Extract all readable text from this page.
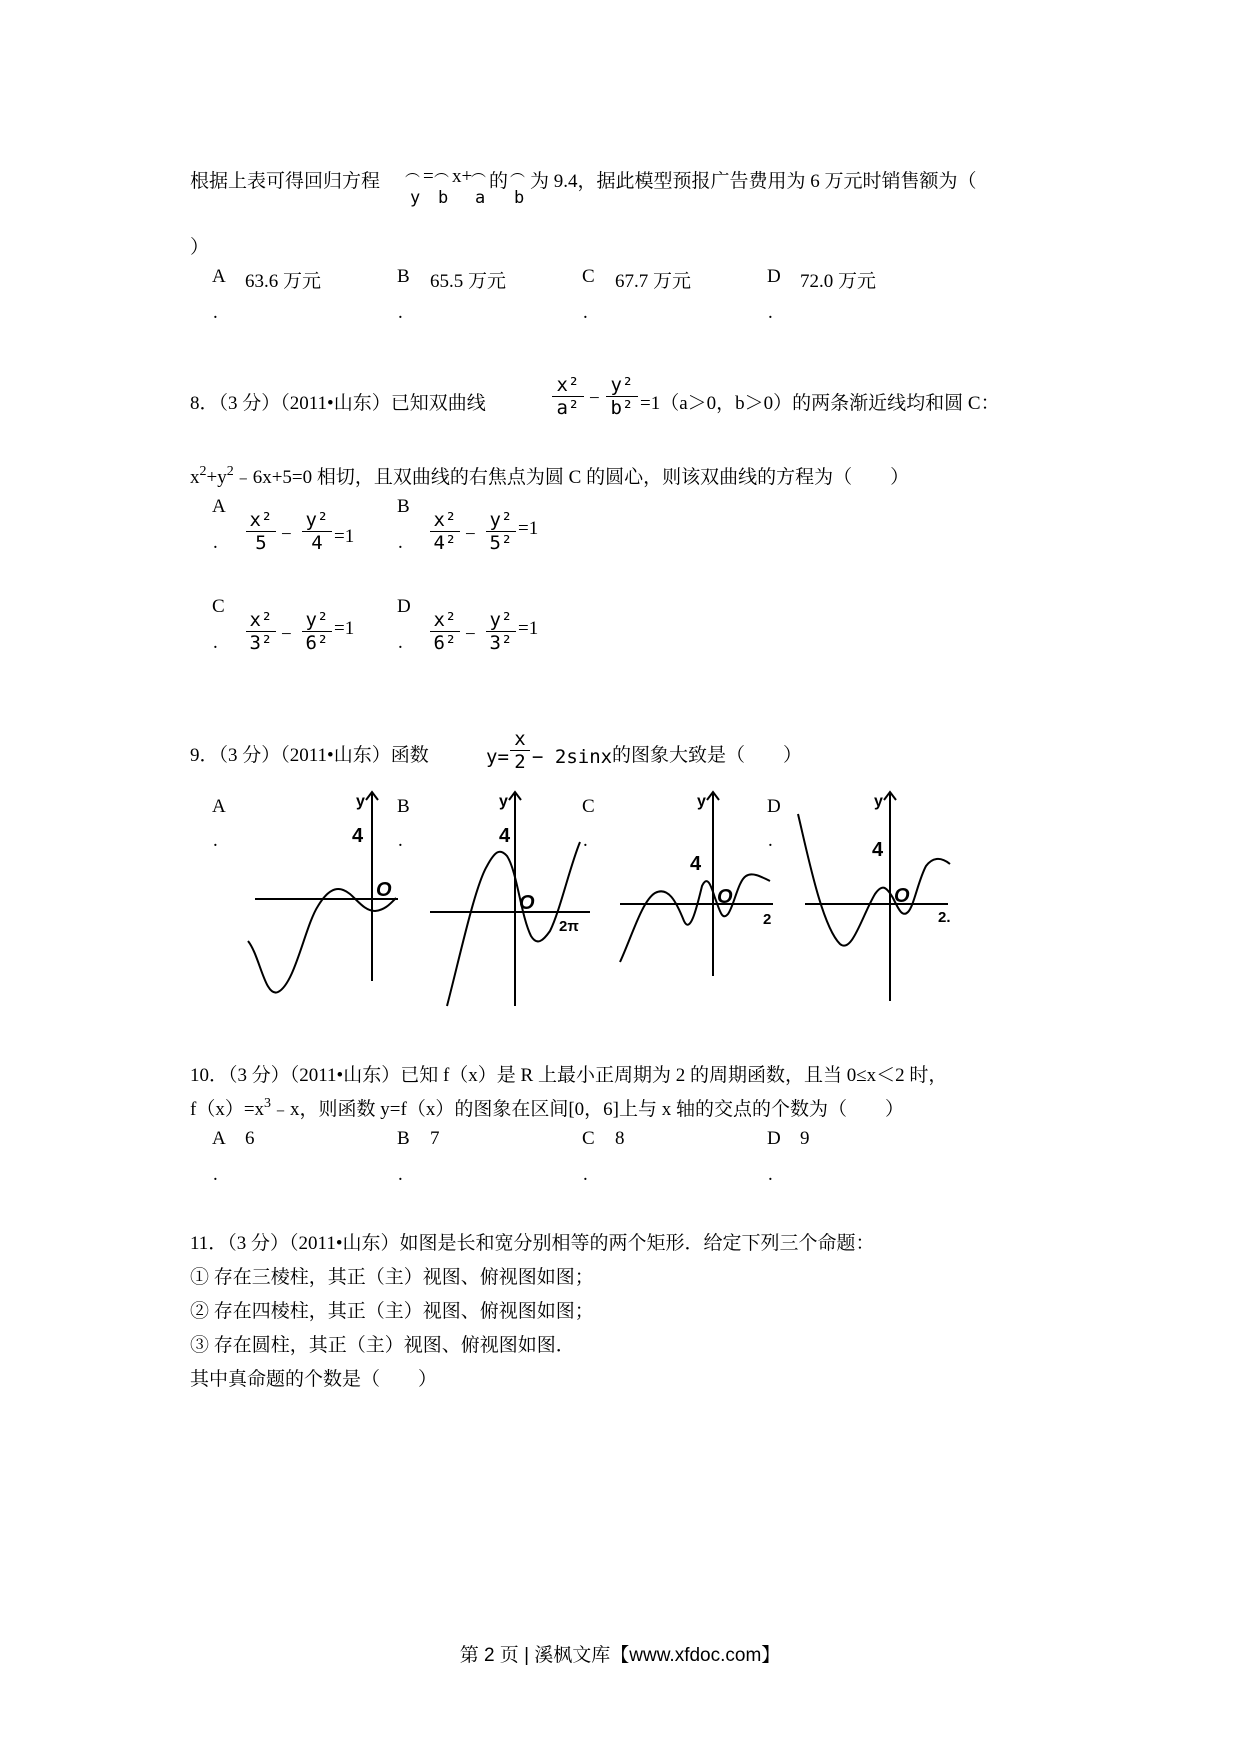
根据上表可得回归方程 ︵ = ︵ x+
︵ 的 ︵ 为 9.4，据此模型预报广告费用为 6 万元时销售额为（
y b a b
）
A 63.6 万元
.
B 65.5 万元
.
C 67.7 万元
.
D 72.0 万元
.
8．（3 分）（2011•山东）已知双曲线
x²
a² −
y²
b² =1（a＞0，b＞0）的两条渐近线均和圆 C：
$x^2+y^2﹣6x+5=0$ 相切，且双曲线的右焦点为圆 C 的圆心，则该双曲线的方程为（　　）
A
.
x²
5 −
y²
4 =1
B
.
x²
4² −
y²
5²
=1
C
.
x²
3² −
y²
6²
=1
D
.
x²
6² −
y²
3²
=1
9．（3 分）（2011•山东）函数	y=
x
2 − 2sinx 的图象大致是（　　）
A
.
B
.
C
.
D
.
y
4
O
y
4
O
2π
y
4
O
2
y
4
O
2.
10．（3 分）（2011•山东）已知 f（x）是 R 上最小正周期为 2 的周期函数，且当 0≤x＜2 时，
$f(x)=x^3﹣x$，则函数 y=f（x）的图象在区间[0，6]上与 x 轴的交点的个数为（　　）
A 6
.
B 7
.
C 8
.
D 9
.
11．（3 分）（2011•山东）如图是长和宽分别相等的两个矩形．给定下列三个命题：
① 存在三棱柱，其正（主）视图、俯视图如图；
② 存在四棱柱，其正（主）视图、俯视图如图；
③ 存在圆柱，其正（主）视图、俯视图如图．
其中真命题的个数是（　　）
第 2 页 | 溪枫文库【www.xfdoc.com】
